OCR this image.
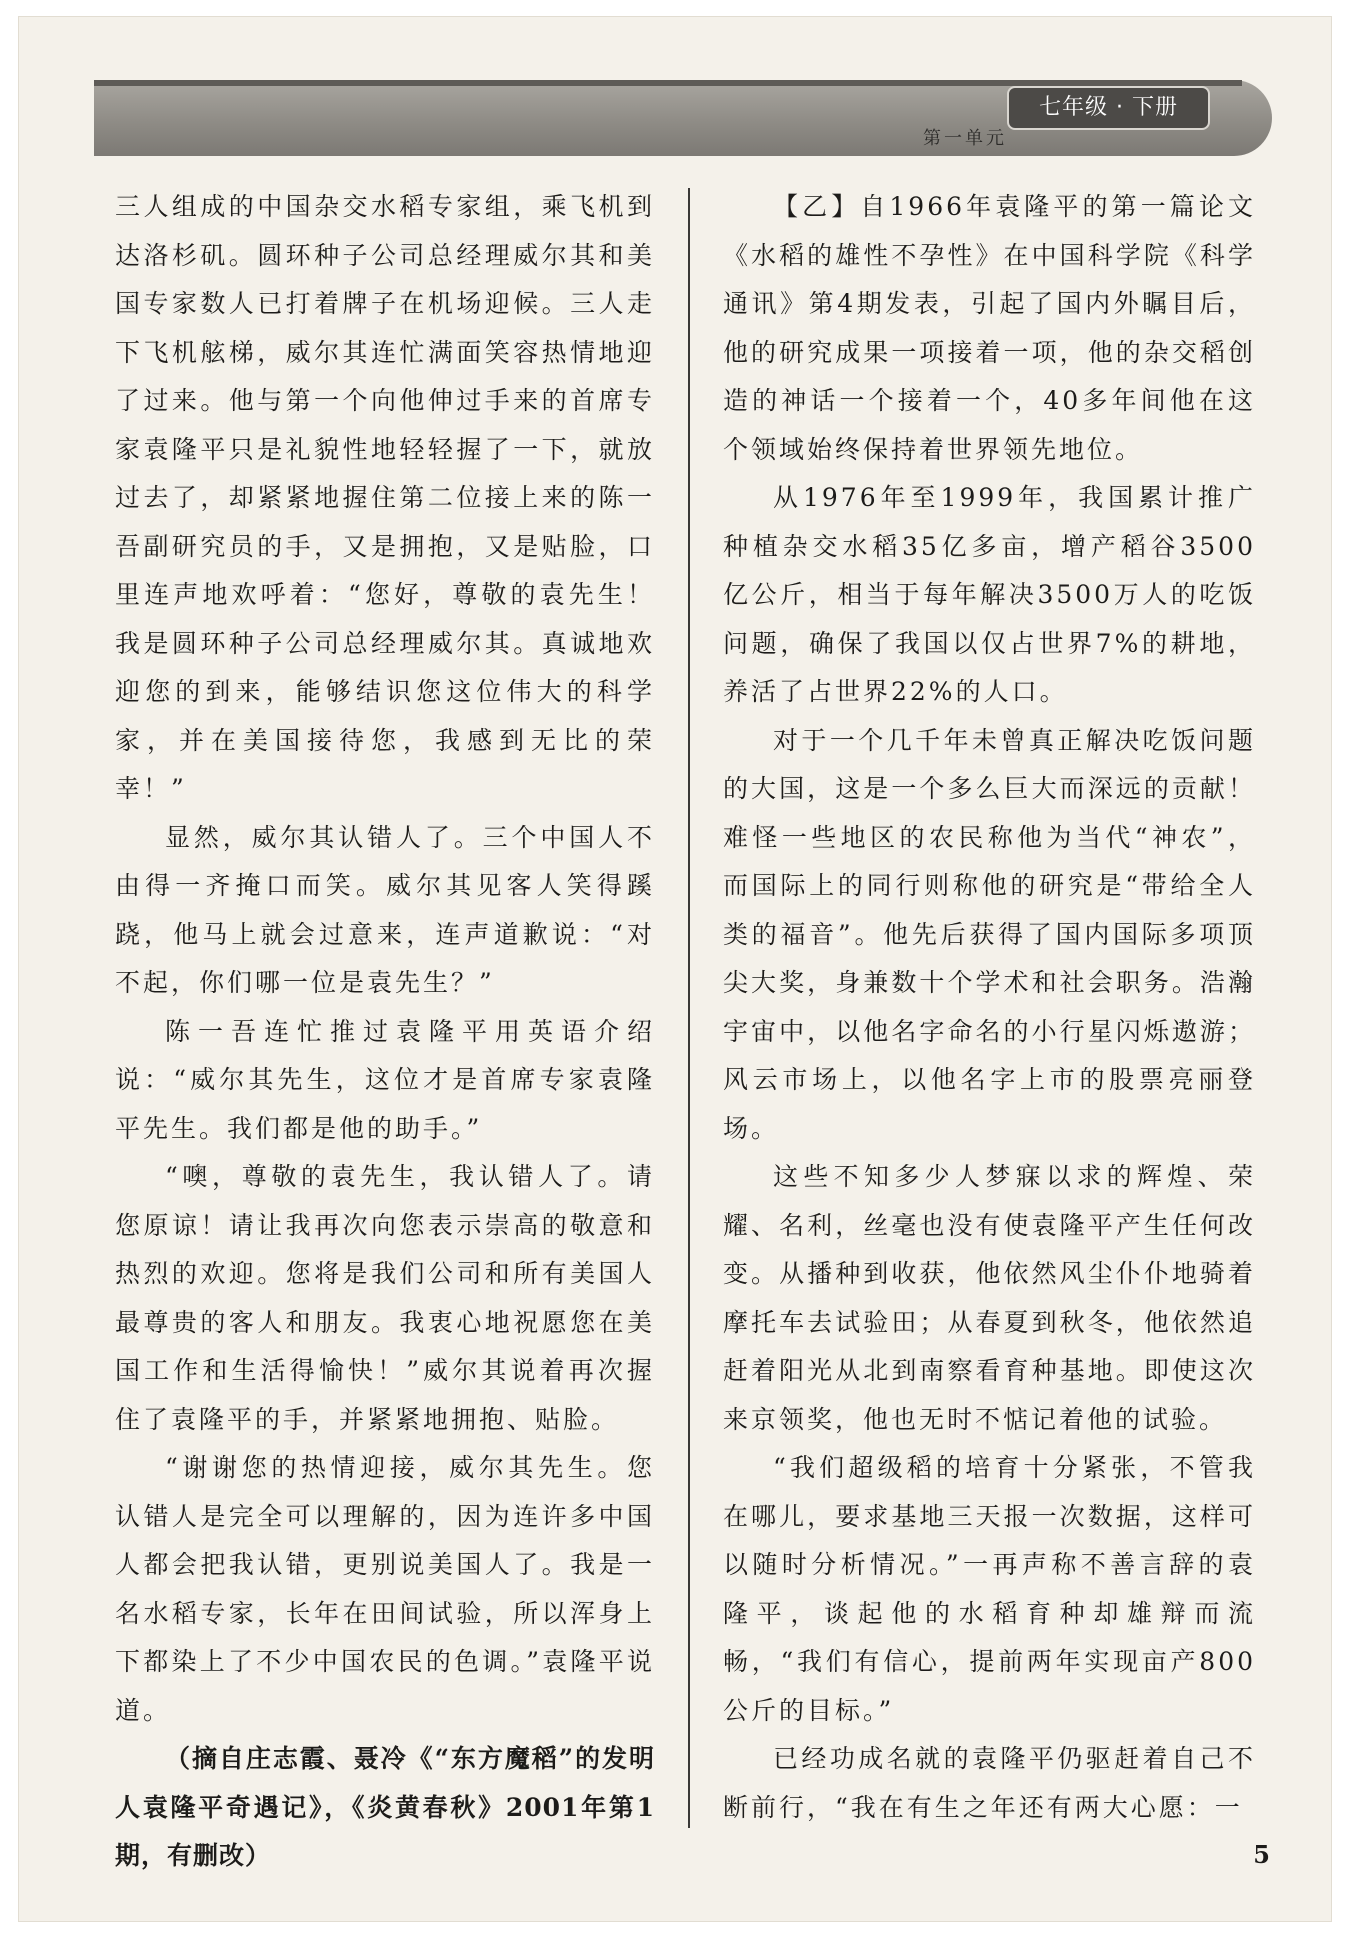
七年级 · 下册
第一单元

三人组成的中国杂交水稻专家组，乘飞机到达洛杉矶。圆环种子公司总经理威尔其和美国专家数人已打着牌子在机场迎候。三人走下飞机舷梯，威尔其连忙满面笑容热情地迎了过来。他与第一个向他伸过手来的首席专家袁隆平只是礼貌性地轻轻握了一下，就放过去了，却紧紧地握住第二位接上来的陈一吾副研究员的手，又是拥抱，又是贴脸，口里连声地欢呼着：“您好，尊敬的袁先生！我是圆环种子公司总经理威尔其。真诚地欢迎您的到来，能够结识您这位伟大的科学家，并在美国接待您，我感到无比的荣幸！”

显然，威尔其认错人了。三个中国人不由得一齐掩口而笑。威尔其见客人笑得蹊跷，他马上就会过意来，连声道歉说：“对不起，你们哪一位是袁先生？”

陈一吾连忙推过袁隆平用英语介绍说：“威尔其先生，这位才是首席专家袁隆平先生。我们都是他的助手。”

“噢，尊敬的袁先生，我认错人了。请您原谅！请让我再次向您表示崇高的敬意和热烈的欢迎。您将是我们公司和所有美国人最尊贵的客人和朋友。我衷心地祝愿您在美国工作和生活得愉快！”威尔其说着再次握住了袁隆平的手，并紧紧地拥抱、贴脸。

“谢谢您的热情迎接，威尔其先生。您认错人是完全可以理解的，因为连许多中国人都会把我认错，更别说美国人了。我是一名水稻专家，长年在田间试验，所以浑身上下都染上了不少中国农民的色调。”袁隆平说道。

（摘自庄志霞、聂冷《“东方魔稻”的发明人袁隆平奇遇记》，《炎黄春秋》2001年第1期，有删改）

【乙】自1966年袁隆平的第一篇论文《水稻的雄性不孕性》在中国科学院《科学通讯》第4期发表，引起了国内外瞩目后，他的研究成果一项接着一项，他的杂交稻创造的神话一个接着一个，40多年间他在这个领域始终保持着世界领先地位。

从1976年至1999年，我国累计推广种植杂交水稻35亿多亩，增产稻谷3500亿公斤，相当于每年解决3500万人的吃饭问题，确保了我国以仅占世界7%的耕地，养活了占世界22%的人口。

对于一个几千年未曾真正解决吃饭问题的大国，这是一个多么巨大而深远的贡献！难怪一些地区的农民称他为当代“神农”，而国际上的同行则称他的研究是“带给全人类的福音”。他先后获得了国内国际多项顶尖大奖，身兼数十个学术和社会职务。浩瀚宇宙中，以他名字命名的小行星闪烁遨游；风云市场上，以他名字上市的股票亮丽登场。

这些不知多少人梦寐以求的辉煌、荣耀、名利，丝毫也没有使袁隆平产生任何改变。从播种到收获，他依然风尘仆仆地骑着摩托车去试验田；从春夏到秋冬，他依然追赶着阳光从北到南察看育种基地。即使这次来京领奖，他也无时不惦记着他的试验。

“我们超级稻的培育十分紧张，不管我在哪儿，要求基地三天报一次数据，这样可以随时分析情况。”一再声称不善言辞的袁隆平，谈起他的水稻育种却雄辩而流畅，“我们有信心，提前两年实现亩产800公斤的目标。”

已经功成名就的袁隆平仍驱赶着自己不断前行，“我在有生之年还有两大心愿：一

5
